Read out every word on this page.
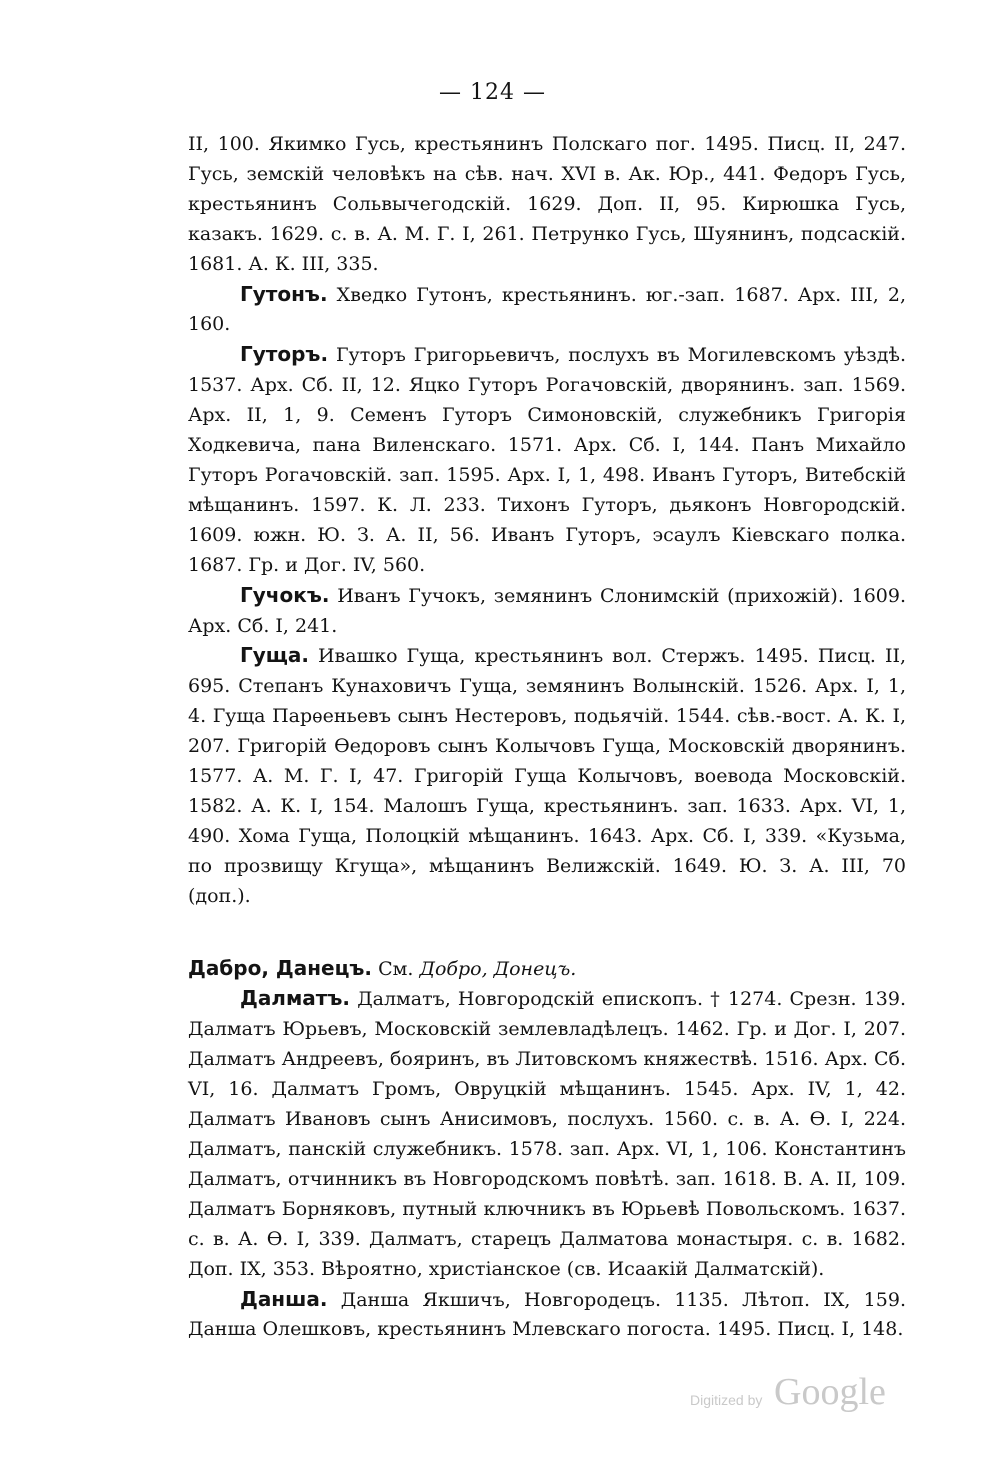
— 124 —

II, 100. Якимко Гусь, крестьянинъ Полскаго пог. 1495. Писц. II, 247. Гусь, земскій человѣкъ на сѣв. нач. XVI в. Ак. Юр., 441. Федоръ Гусь, крестьянинъ Сольвычегодскій. 1629. Доп. II, 95. Кирюшка Гусь, казакъ. 1629. с. в. А. М. Г. I, 261. Петрунко Гусь, Шуянинъ, подсаскій. 1681. А. К. III, 335.

Гутонъ. Хведко Гутонъ, крестьянинъ. юг.-зап. 1687. Арх. III, 2, 160.

Гуторъ. Гуторъ Григорьевичъ, послухъ въ Могилевскомъ уѣздѣ. 1537. Арх. Сб. II, 12. Яцко Гуторъ Рогачовскій, дворянинъ. зап. 1569. Арх. II, 1, 9. Семенъ Гуторъ Симоновскій, служебникъ Григорія Ходкевича, пана Виленскаго. 1571. Арх. Сб. I, 144. Панъ Михайло Гуторъ Рогачовскій. зап. 1595. Арх. I, 1, 498. Иванъ Гуторъ, Витебскій мѣщанинъ. 1597. К. Л. 233. Тихонъ Гуторъ, дьяконъ Новгородскій. 1609. южн. Ю. З. А. II, 56. Иванъ Гуторъ, эсаулъ Кіевскаго полка. 1687. Гр. и Дог. IV, 560.

Гучокъ. Иванъ Гучокъ, земянинъ Слонимскій (прихожій). 1609. Арх. Сб. I, 241.

Гуща. Ивашко Гуща, крестьянинъ вол. Стержъ. 1495. Писц. II, 695. Степанъ Кунаховичъ Гуща, земянинъ Волынскій. 1526. Арх. I, 1, 4. Гуща Парѳеньевъ сынъ Нестеровъ, подьячій. 1544. сѣв.-вост. А. К. I, 207. Григорій Ѳедоровъ сынъ Колычовъ Гуща, Московскій дворянинъ. 1577. А. М. Г. I, 47. Григорій Гуща Колычовъ, воевода Московскій. 1582. А. К. I, 154. Малошъ Гуща, крестьянинъ. зап. 1633. Арх. VI, 1, 490. Хома Гуща, Полоцкій мѣщанинъ. 1643. Арх. Сб. I, 339. «Кузьма, по прозвищу Кгуща», мѣщанинъ Велижскій. 1649. Ю. З. А. III, 70 (доп.).

Дабро, Данецъ. См. Добро, Донецъ.

Далматъ. Далматъ, Новгородскій епископъ. † 1274. Срезн. 139. Далматъ Юрьевъ, Московскій землевладѣлецъ. 1462. Гр. и Дог. I, 207. Далматъ Андреевъ, бояринъ, въ Литовскомъ княжествѣ. 1516. Арх. Сб. VI, 16. Далматъ Громъ, Овруцкій мѣщанинъ. 1545. Арх. IV, 1, 42. Далматъ Ивановъ сынъ Анисимовъ, послухъ. 1560. с. в. А. Ѳ. I, 224. Далматъ, панскій служебникъ. 1578. зап. Арх. VI, 1, 106. Константинъ Далматъ, отчинникъ въ Новгородскомъ повѣтѣ. зап. 1618. В. А. II, 109. Далматъ Борняковъ, путный ключникъ въ Юрьевѣ Повольскомъ. 1637. с. в. А. Ѳ. I, 339. Далматъ, старецъ Далматова монастыря. с. в. 1682. Доп. IX, 353. Вѣроятно, христіанское (св. Исаакій Далматскій).

Данша. Данша Якшичъ, Новгородецъ. 1135. Лѣтоп. IX, 159. Данша Олешковъ, крестьянинъ Млевскаго погоста. 1495. Писц. I, 148.

Digitized by Google
